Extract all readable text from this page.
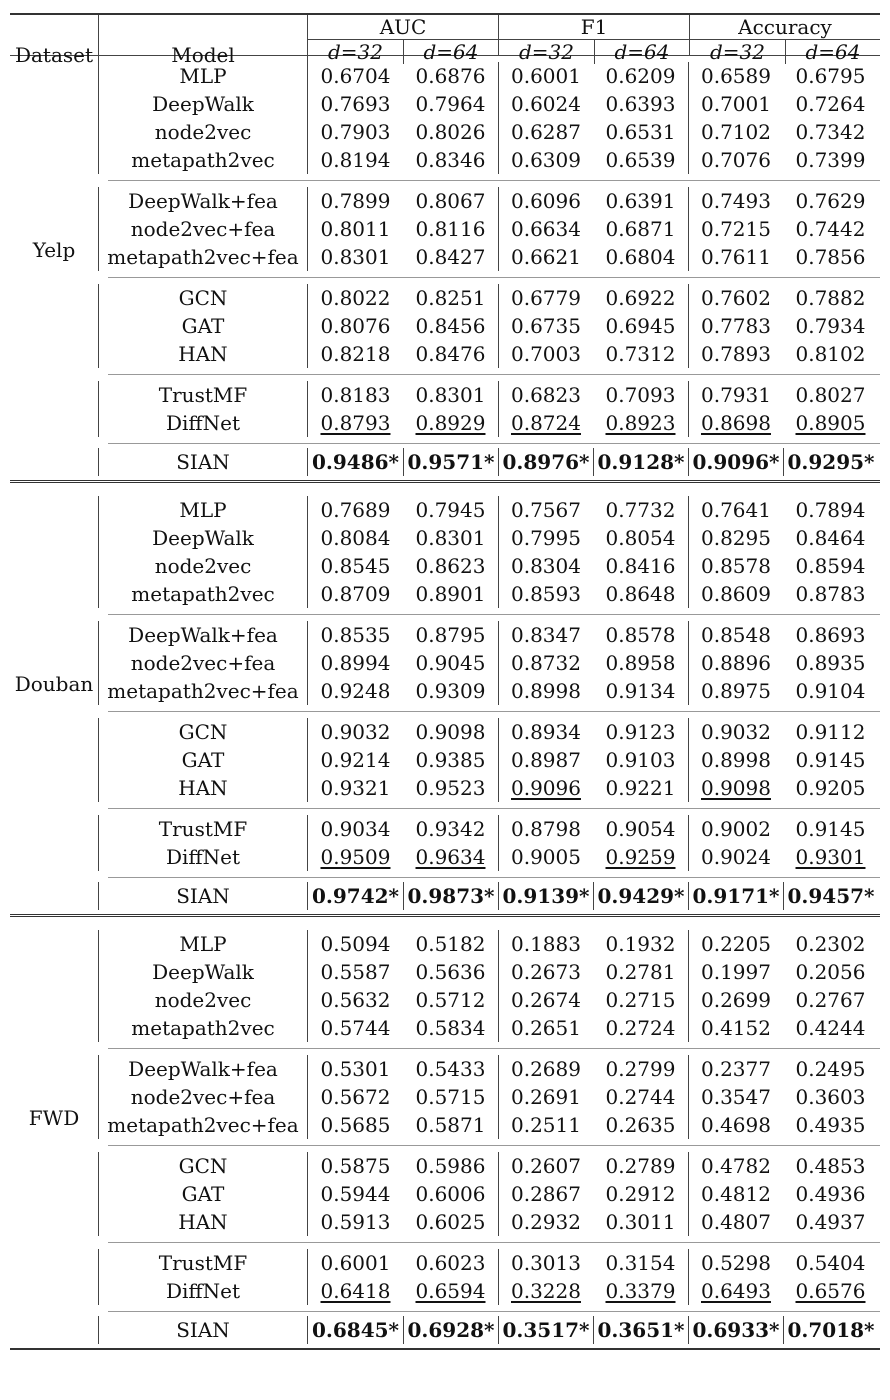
Dataset	Model
AUC
d=32	d=64
F1
d=32	d=64
Accuracy
d=32	d=64
MLP	0.6704 0.6876 0.6001 0.6209 0.6589 0.6795
DeepWalk	0.7693 0.7964 0.6024 0.6393 0.7001 0.7264
node2vec	0.7903 0.8026 0.6287 0.6531 0.7102 0.7342
metapath2vec	0.8194 0.8346 0.6309 0.6539 0.7076 0.7399
DeepWalk+fea	0.7899 0.8067 0.6096 0.6391 0.7493 0.7629
node2vec+fea	0.8011 0.8116 0.6634 0.6871 0.7215 0.7442
metapath2vec+fea	0.8301 0.8427 0.6621 0.6804 0.7611 0.7856
GCN	0.8022 0.8251 0.6779 0.6922 0.7602 0.7882
GAT	0.8076 0.8456 0.6735 0.6945 0.7783 0.7934
HAN	0.8218 0.8476 0.7003 0.7312 0.7893 0.8102
TrustMF	0.8183 0.8301 0.6823 0.7093 0.7931 0.8027
DiffNet	0.8793 0.8929 0.8724 0.8923 0.8698 0.8905
Yelp
SIAN	0.9486* 0.9571* 0.8976* 0.9128* 0.9096* 0.9295*
MLP	0.7689 0.7945 0.7567 0.7732 0.7641 0.7894
DeepWalk	0.8084 0.8301 0.7995 0.8054 0.8295 0.8464
node2vec	0.8545 0.8623 0.8304 0.8416 0.8578 0.8594
metapath2vec	0.8709 0.8901 0.8593 0.8648 0.8609 0.8783
DeepWalk+fea	0.8535 0.8795 0.8347 0.8578 0.8548 0.8693
node2vec+fea	0.8994 0.9045 0.8732 0.8958 0.8896 0.8935
metapath2vec+fea	0.9248 0.9309 0.8998 0.9134 0.8975 0.9104
GCN	0.9032 0.9098 0.8934 0.9123 0.9032 0.9112
GAT	0.9214 0.9385 0.8987 0.9103 0.8998 0.9145
HAN	0.9321 0.9523 0.9096 0.9221 0.9098 0.9205
TrustMF	0.9034 0.9342 0.8798 0.9054 0.9002 0.9145
DiffNet	0.9509 0.9634 0.9005 0.9259 0.9024 0.9301
Douban
SIAN	0.9742* 0.9873* 0.9139* 0.9429* 0.9171* 0.9457*
MLP	0.5094 0.5182 0.1883 0.1932 0.2205 0.2302
DeepWalk	0.5587 0.5636 0.2673 0.2781 0.1997 0.2056
node2vec	0.5632 0.5712 0.2674 0.2715 0.2699 0.2767
metapath2vec	0.5744 0.5834 0.2651 0.2724 0.4152 0.4244
DeepWalk+fea	0.5301 0.5433 0.2689 0.2799 0.2377 0.2495
node2vec+fea	0.5672 0.5715 0.2691 0.2744 0.3547 0.3603
metapath2vec+fea	0.5685 0.5871 0.2511 0.2635 0.4698 0.4935
GCN	0.5875 0.5986 0.2607 0.2789 0.4782 0.4853
GAT	0.5944 0.6006 0.2867 0.2912 0.4812 0.4936
HAN	0.5913 0.6025 0.2932 0.3011 0.4807 0.4937
TrustMF	0.6001 0.6023 0.3013 0.3154 0.5298 0.5404
DiffNet	0.6418 0.6594 0.3228 0.3379 0.6493 0.6576
FWD
SIAN	0.6845* 0.6928* 0.3517* 0.3651* 0.6933* 0.7018*
